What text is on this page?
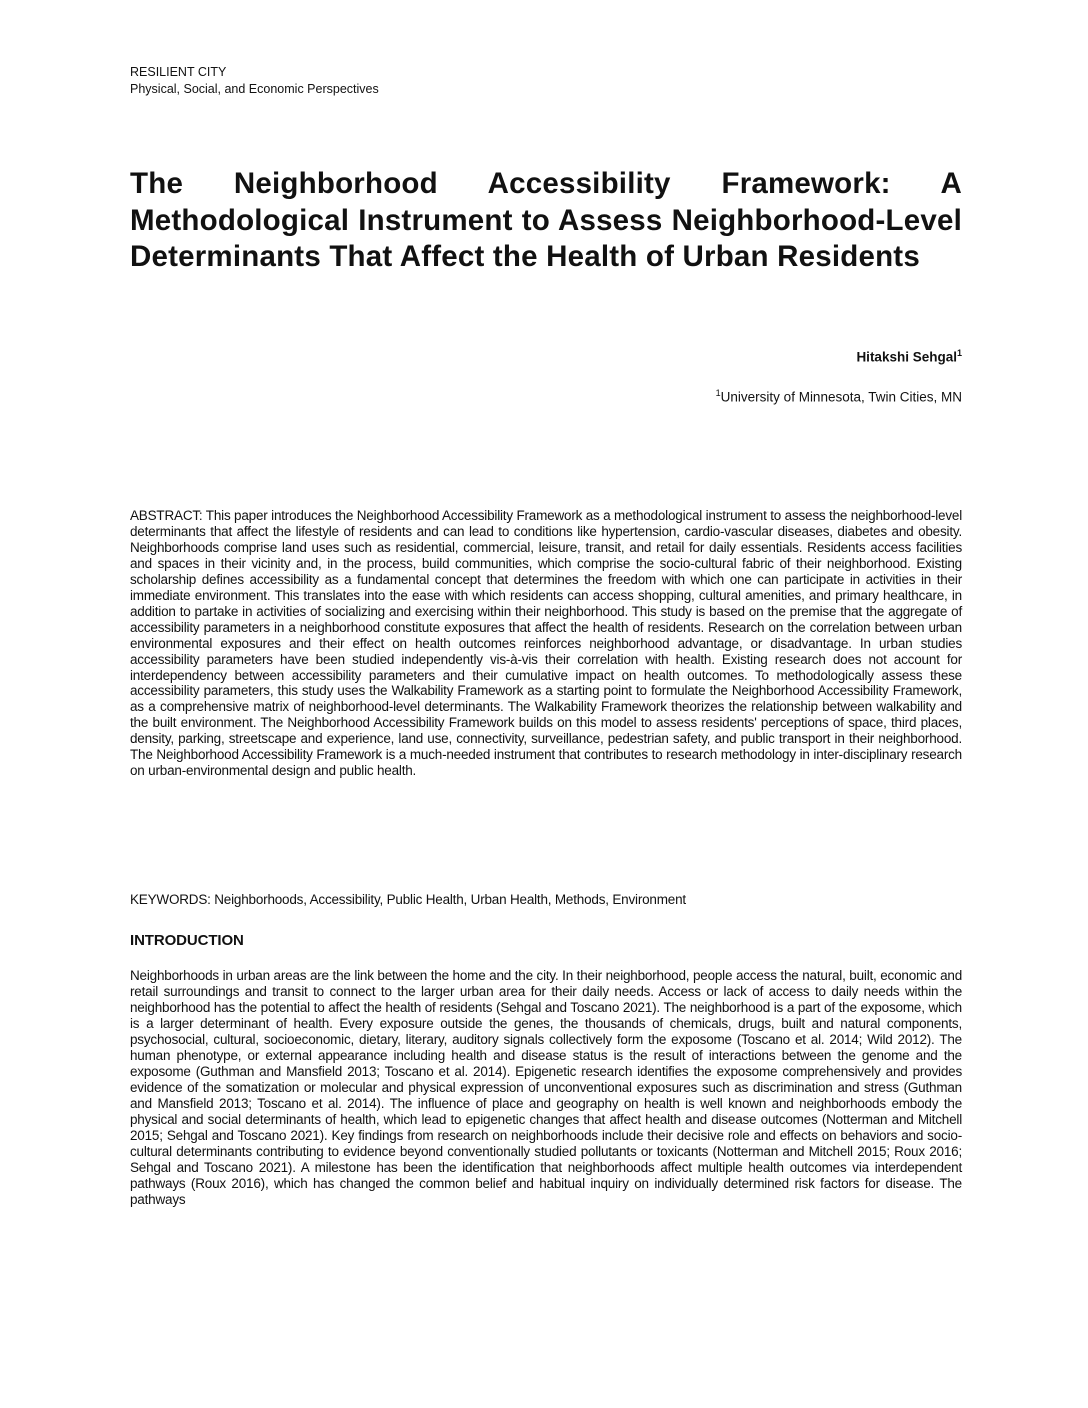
RESILIENT CITY
Physical, Social, and Economic Perspectives
The Neighborhood Accessibility Framework: A Methodological Instrument to Assess Neighborhood-Level Determinants That Affect the Health of Urban Residents
Hitakshi Sehgal$^1$
$^1$University of Minnesota, Twin Cities, MN

ABSTRACT: This paper introduces the Neighborhood Accessibility Framework as a methodological instrument to assess the neighborhood-level determinants that affect the lifestyle of residents and can lead to conditions like hypertension, cardio-vascular diseases, diabetes and obesity. Neighborhoods comprise land uses such as residential, commercial, leisure, transit, and retail for daily essentials. Residents access facilities and spaces in their vicinity and, in the process, build communities, which comprise the socio-cultural fabric of their neighborhood. Existing scholarship defines accessibility as a fundamental concept that determines the freedom with which one can participate in activities in their immediate environment. This translates into the ease with which residents can access shopping, cultural amenities, and primary healthcare, in addition to partake in activities of socializing and exercising within their neighborhood. This study is based on the premise that the aggregate of accessibility parameters in a neighborhood constitute exposures that affect the health of residents. Research on the correlation between urban environmental exposures and their effect on health outcomes reinforces neighborhood advantage, or disadvantage. In urban studies accessibility parameters have been studied independently vis-à-vis their correlation with health. Existing research does not account for interdependency between accessibility parameters and their cumulative impact on health outcomes. To methodologically assess these accessibility parameters, this study uses the Walkability Framework as a starting point to formulate the Neighborhood Accessibility Framework, as a comprehensive matrix of neighborhood-level determinants. The Walkability Framework theorizes the relationship between walkability and the built environment. The Neighborhood Accessibility Framework builds on this model to assess residents' perceptions of space, third places, density, parking, streetscape and experience, land use, connectivity, surveillance, pedestrian safety, and public transport in their neighborhood. The Neighborhood Accessibility Framework is a much-needed instrument that contributes to research methodology in inter-disciplinary research on urban-environmental design and public health.

KEYWORDS: Neighborhoods, Accessibility, Public Health, Urban Health, Methods, Environment

INTRODUCTION

Neighborhoods in urban areas are the link between the home and the city. In their neighborhood, people access the natural, built, economic and retail surroundings and transit to connect to the larger urban area for their daily needs. Access or lack of access to daily needs within the neighborhood has the potential to affect the health of residents (Sehgal and Toscano 2021). The neighborhood is a part of the exposome, which is a larger determinant of health. Every exposure outside the genes, the thousands of chemicals, drugs, built and natural components, psychosocial, cultural, socioeconomic, dietary, literary, auditory signals collectively form the exposome (Toscano et al. 2014; Wild 2012). The human phenotype, or external appearance including health and disease status is the result of interactions between the genome and the exposome (Guthman and Mansfield 2013; Toscano et al. 2014). Epigenetic research identifies the exposome comprehensively and provides evidence of the somatization or molecular and physical expression of unconventional exposures such as discrimination and stress (Guthman and Mansfield 2013; Toscano et al. 2014). The influence of place and geography on health is well known and neighborhoods embody the physical and social determinants of health, which lead to epigenetic changes that affect health and disease outcomes (Notterman and Mitchell 2015; Sehgal and Toscano 2021). Key findings from research on neighborhoods include their decisive role and effects on behaviors and socio-cultural determinants contributing to evidence beyond conventionally studied pollutants or toxicants (Notterman and Mitchell 2015; Roux 2016; Sehgal and Toscano 2021). A milestone has been the identification that neighborhoods affect multiple health outcomes via interdependent pathways (Roux 2016), which has changed the common belief and habitual inquiry on individually determined risk factors for disease. The pathways
